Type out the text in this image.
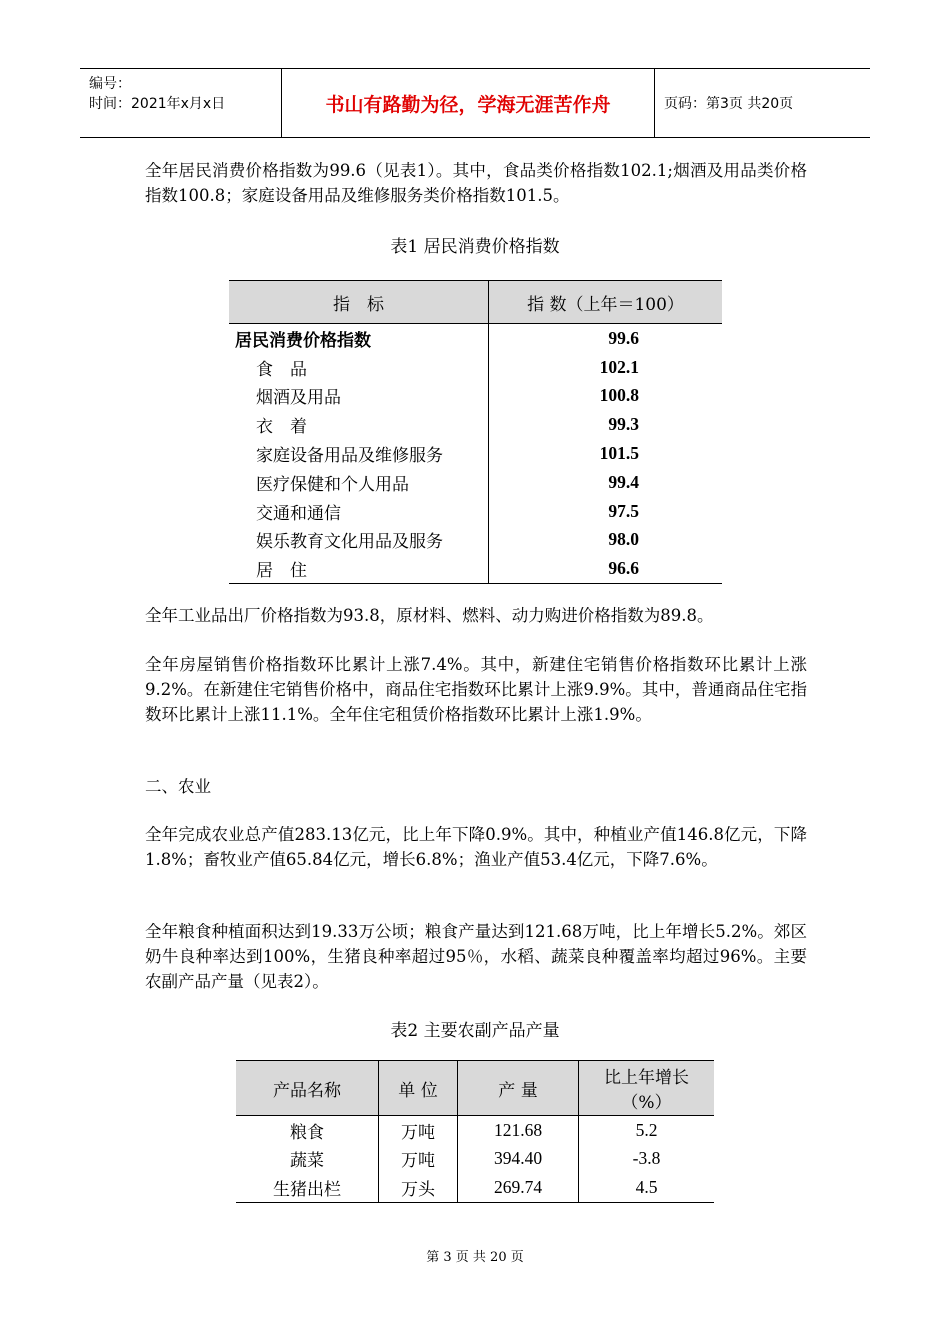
编号：
时间：2021年x月x日	书山有路勤为径，学海无涯苦作舟	页码：第3页 共20页
全年居民消费价格指数为99.6（见表1）。其中，食品类价格指数102.1;烟酒及用品类价格指数100.8；家庭设备用品及维修服务类价格指数101.5。
表1 居民消费价格指数
指　标	指 数（上年＝100）
居民消费价格指数	99.6
食　品	102.1
烟酒及用品	100.8
衣　着	99.3
家庭设备用品及维修服务	101.5
医疗保健和个人用品	99.4
交通和通信	97.5
娱乐教育文化用品及服务	98.0
居　住	96.6
全年工业品出厂价格指数为93.8，原材料、燃料、动力购进价格指数为89.8。
全年房屋销售价格指数环比累计上涨7.4%。其中，新建住宅销售价格指数环比累计上涨9.2%。在新建住宅销售价格中，商品住宅指数环比累计上涨9.9%。其中，普通商品住宅指数环比累计上涨11.1%。全年住宅租赁价格指数环比累计上涨1.9%。
二、农业
全年完成农业总产值283.13亿元，比上年下降0.9%。其中，种植业产值146.8亿元，下降1.8%；畜牧业产值65.84亿元，增长6.8%；渔业产值53.4亿元，下降7.6%。
全年粮食种植面积达到19.33万公顷；粮食产量达到121.68万吨，比上年增长5.2%。郊区奶牛良种率达到100%，生猪良种率超过95％，水稻、蔬菜良种覆盖率均超过96%。主要农副产品产量（见表2）。
表2 主要农副产品产量
产品名称	单 位	产 量	比上年增长
（%）

粮食	万吨	121.68	5.2
蔬菜	万吨	394.40	-3.8
生猪出栏	万头	269.74	4.5
第 3 页 共 20 页
